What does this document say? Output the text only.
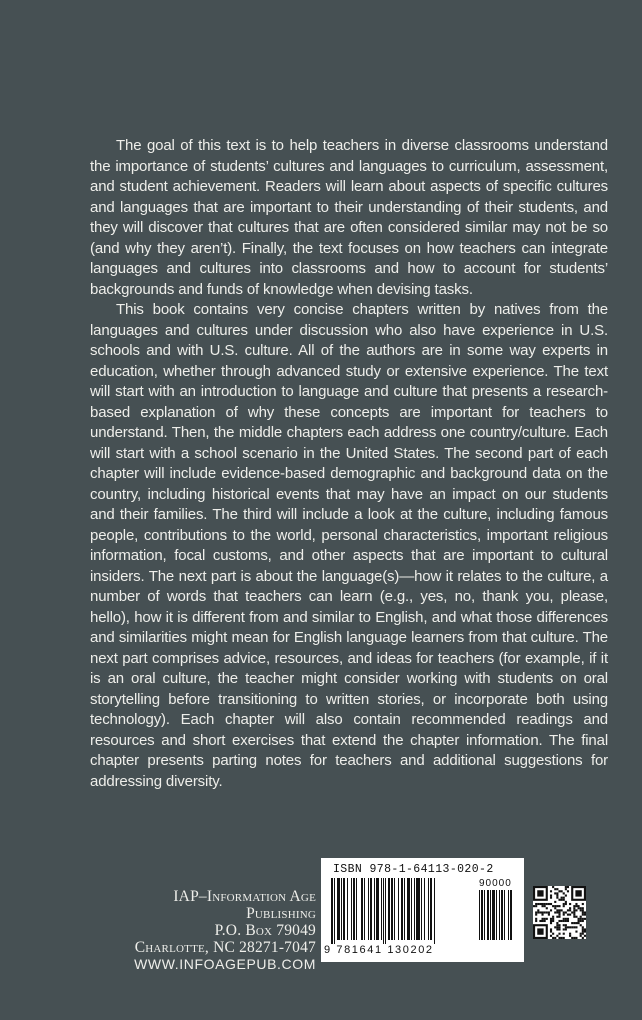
The goal of this text is to help teachers in diverse classrooms understand the importance of students’ cultures and languages to curriculum, assessment, and student achievement. Readers will learn about aspects of specific cultures and languages that are important to their understanding of their students, and they will discover that cultures that are often considered similar may not be so (and why they aren’t). Finally, the text focuses on how teachers can integrate languages and cultures into classrooms and how to account for students’ backgrounds and funds of knowledge when devising tasks.

This book contains very concise chapters written by natives from the languages and cultures under discussion who also have experience in U.S. schools and with U.S. culture. All of the authors are in some way experts in education, whether through advanced study or extensive experience. The text will start with an introduction to language and culture that presents a research-based explanation of why these concepts are important for teachers to understand. Then, the middle chapters each address one country/culture. Each will start with a school scenario in the United States. The second part of each chapter will include evidence-based demographic and background data on the country, including historical events that may have an impact on our students and their families. The third will include a look at the culture, including famous people, contributions to the world, personal characteristics, important religious information, focal customs, and other aspects that are important to cultural insiders. The next part is about the language(s)—how it relates to the culture, a number of words that teachers can learn (e.g., yes, no, thank you, please, hello), how it is different from and similar to English, and what those differences and similarities might mean for English language learners from that culture. The next part comprises advice, resources, and ideas for teachers (for example, if it is an oral culture, the teacher might consider working with students on oral storytelling before transitioning to written stories, or incorporate both using technology). Each chapter will also contain recommended readings and resources and short exercises that extend the chapter information. The final chapter presents parting notes for teachers and additional suggestions for addressing diversity.

IAP–Information Age Publishing
P.O. Box 79049
Charlotte, NC 28271-7047
WWW.INFOAGEPUB.COM
ISBN 978-1-64113-020-2
90000
9 781641 130202
